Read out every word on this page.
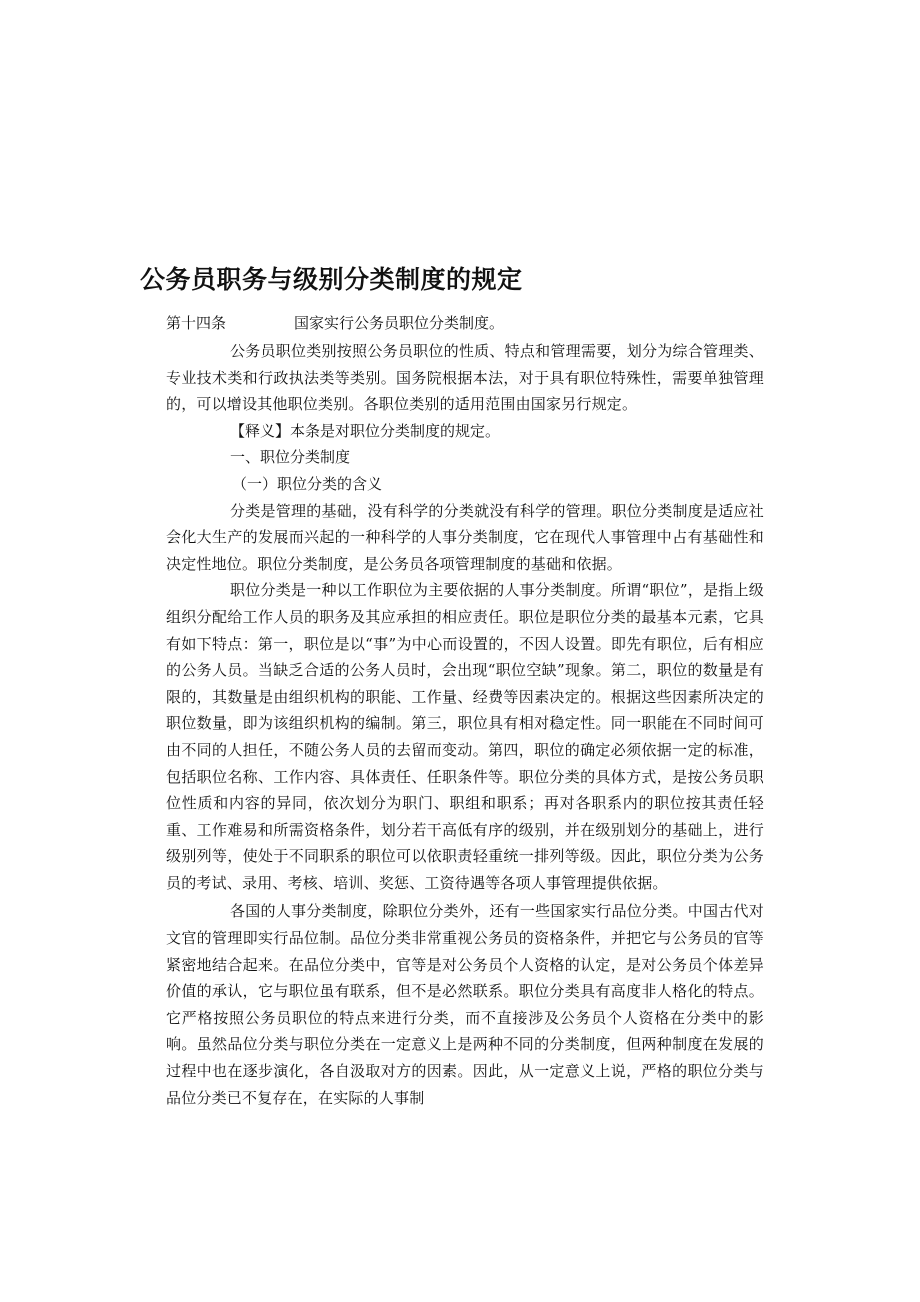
公务员职务与级别分类制度的规定
第十四条	国家实行公务员职位分类制度。

公务员职位类别按照公务员职位的性质、特点和管理需要，划分为综合管理类、专业技术类和行政执法类等类别。国务院根据本法，对于具有职位特殊性，需要单独管理的，可以增设其他职位类别。各职位类别的适用范围由国家另行规定。

【释义】本条是对职位分类制度的规定。

一、职位分类制度

（一）职位分类的含义

分类是管理的基础，没有科学的分类就没有科学的管理。职位分类制度是适应社会化大生产的发展而兴起的一种科学的人事分类制度，它在现代人事管理中占有基础性和决定性地位。职位分类制度，是公务员各项管理制度的基础和依据。

职位分类是一种以工作职位为主要依据的人事分类制度。所谓“职位”，是指上级组织分配给工作人员的职务及其应承担的相应责任。职位是职位分类的最基本元素，它具有如下特点：第一，职位是以“事”为中心而设置的，不因人设置。即先有职位，后有相应的公务人员。当缺乏合适的公务人员时，会出现“职位空缺”现象。第二，职位的数量是有限的，其数量是由组织机构的职能、工作量、经费等因素决定的。根据这些因素所决定的职位数量，即为该组织机构的编制。第三，职位具有相对稳定性。同一职能在不同时间可由不同的人担任，不随公务人员的去留而变动。第四，职位的确定必须依据一定的标准，包括职位名称、工作内容、具体责任、任职条件等。职位分类的具体方式，是按公务员职位性质和内容的异同，依次划分为职门、职组和职系；再对各职系内的职位按其责任轻重、工作难易和所需资格条件，划分若干高低有序的级别，并在级别划分的基础上，进行级别列等，使处于不同职系的职位可以依职责轻重统一排列等级。因此，职位分类为公务员的考试、录用、考核、培训、奖惩、工资待遇等各项人事管理提供依据。

各国的人事分类制度，除职位分类外，还有一些国家实行品位分类。中国古代对文官的管理即实行品位制。品位分类非常重视公务员的资格条件，并把它与公务员的官等紧密地结合起来。在品位分类中，官等是对公务员个人资格的认定，是对公务员个体差异价值的承认，它与职位虽有联系，但不是必然联系。职位分类具有高度非人格化的特点。它严格按照公务员职位的特点来进行分类，而不直接涉及公务员个人资格在分类中的影响。虽然品位分类与职位分类在一定意义上是两种不同的分类制度，但两种制度在发展的过程中也在逐步演化，各自汲取对方的因素。因此，从一定意义上说，严格的职位分类与品位分类已不复存在，在实际的人事制
